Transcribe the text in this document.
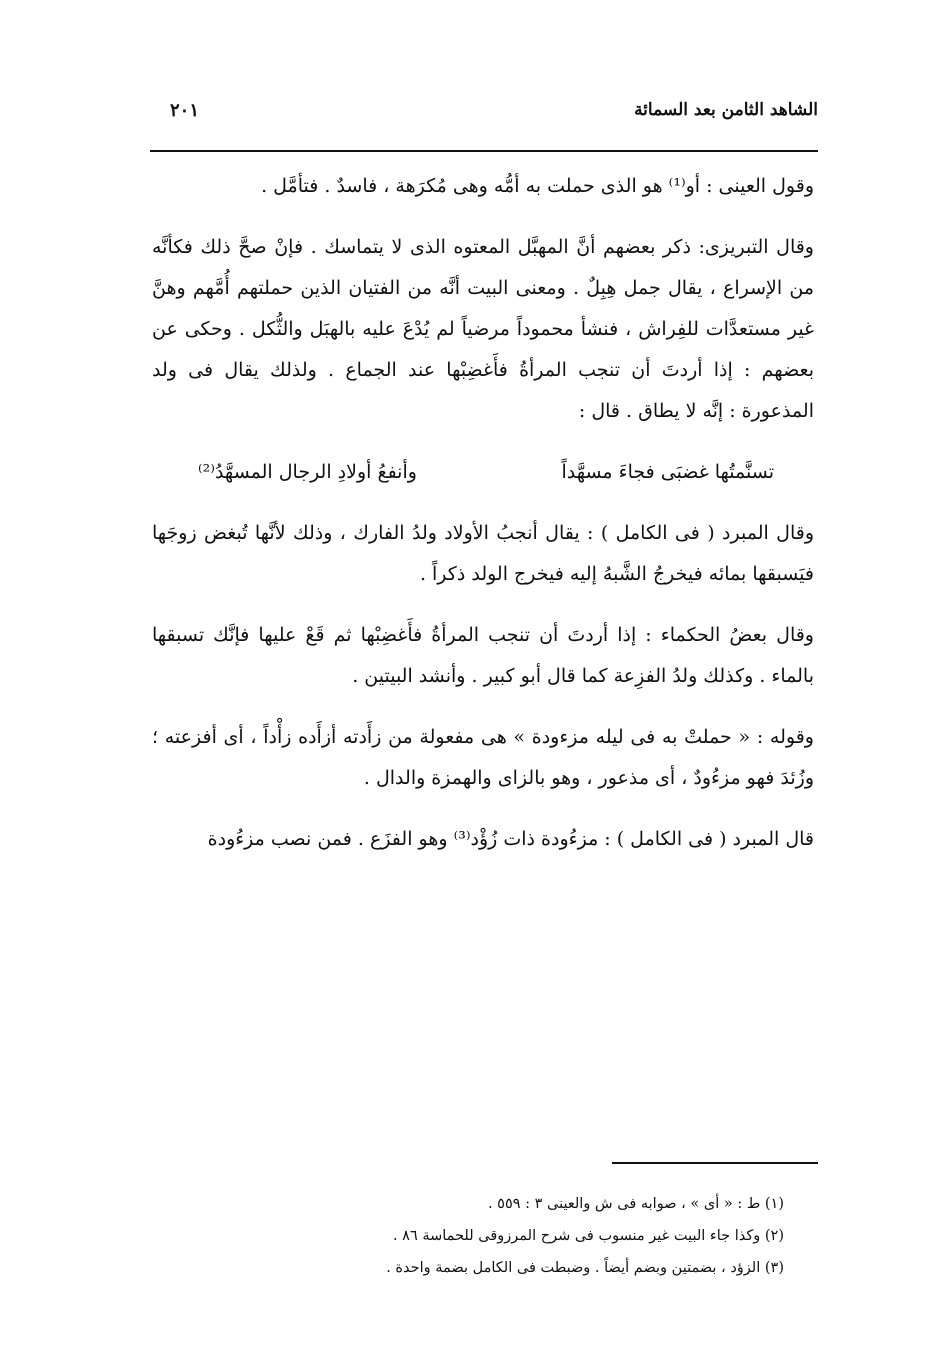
الشاهد الثامن بعد السمائة
٢٠١

وقول العينى : أو⁽¹⁾ هو الذى حملت به أمُّه وهى مُكرَهة ، فاسدٌ . فتأمَّل .

وقال التبريزى: ذكر بعضهم أنَّ المهبَّل المعتوه الذى لا يتماسك . فإنْ صحَّ ذلك فكأنَّه من الإسراع ، يقال جمل هِبِلٌ . ومعنى البيت أنَّه من الفتيان الذين حملتهم أُمَّهم وهنَّ غير مستعدَّات للفِراش ، فنشأ محموداً مرضياً لم يُدْعَ عليه بالهبَل والثُّكل . وحكى عن بعضهم : إذا أردتَ أن تنجب المرأةُ فأَغضِبْها عند الجماع . ولذلك يقال فى ولد المذعورة : إنَّه لا يطاق . قال :

تسنَّمتُها غضبَى فجاءَ مسهَّداً
وأنفعُ أولادِ الرجال المسهَّدُ⁽²⁾

وقال المبرد ( فى الكامل ) : يقال أنجبُ الأولاد ولدُ الفارك ، وذلك لأنَّها تُبغض زوجَها فيَسبقها بمائه فيخرجُ الشَّبهُ إليه فيخرج الولد ذكراً .

وقال بعضُ الحكماء : إذا أردتَ أن تنجب المرأةُ فأَغضِبْها ثم قَعْ عليها فإنَّك تسبقها بالماء . وكذلك ولدُ الفزِعة كما قال أبو كبير . وأنشد البيتين .

وقوله : « حملتْ به فى ليله مزءودة » هى مفعولة من زأَدته أزأَده زأْداً ، أى أفزعته ؛ وزُئدَ فهو مزءُودٌ ، أى مذعور ، وهو بالزاى والهمزة والدال .

قال المبرد ( فى الكامل ) : مزءُودة ذات زُؤْد⁽³⁾ وهو الفزَع . فمن نصب مزءُودة

(١) ط : « أى » ، صوابه فى ش والعينى ٣ : ٥٥٩ .
(٢) وكذا جاء البيت غير منسوب فى شرح المرزوقى للحماسة ٨٦ .
(٣) الزؤد ، بضمتين وبضم أيضاً . وضبطت فى الكامل بضمة واحدة .
